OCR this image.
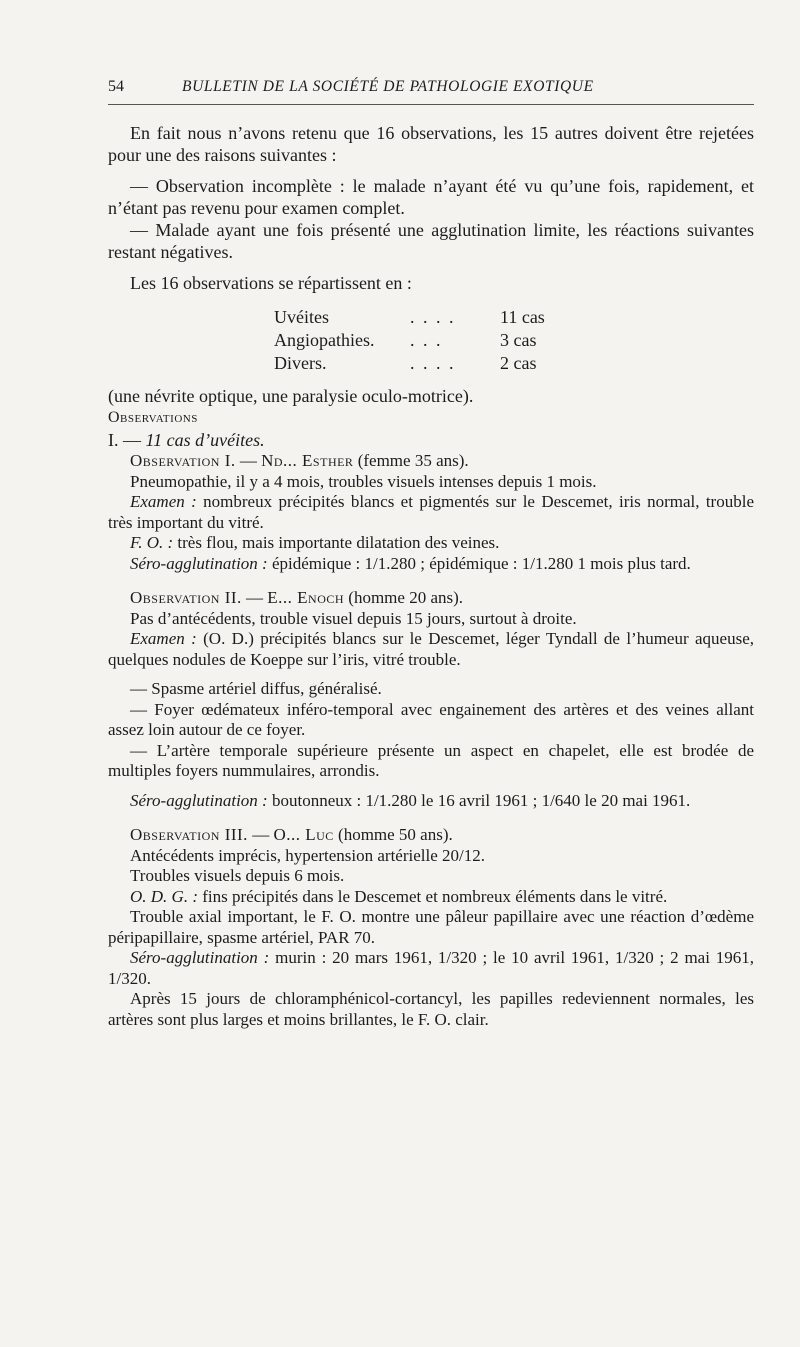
54	BULLETIN DE LA SOCIÉTÉ DE PATHOLOGIE EXOTIQUE

En fait nous n’avons retenu que 16 observations, les 15 autres doivent être rejetées pour une des raisons suivantes :

— Observation incomplète : le malade n’ayant été vu qu’une fois, rapidement, et n’étant pas revenu pour examen complet.

— Malade ayant une fois présenté une agglutination limite, les réactions suivantes restant négatives.

Les 16 observations se répartissent en :

Uvéites	. . . .	11 cas
Angiopathies.	. . .	3 cas
Divers.	. . . .	2 cas

(une névrite optique, une paralysie oculo-motrice).

Observations

I. — 11 cas d’uvéites.

Observation I. — Nd... Esther (femme 35 ans).

Pneumopathie, il y a 4 mois, troubles visuels intenses depuis 1 mois.

Examen : nombreux précipités blancs et pigmentés sur le Descemet, iris normal, trouble très important du vitré.

F. O. : très flou, mais importante dilatation des veines.

Séro-agglutination : épidémique : 1/1.280 ; épidémique : 1/1.280 1 mois plus tard.

Observation II. — E... Enoch (homme 20 ans).

Pas d’antécédents, trouble visuel depuis 15 jours, surtout à droite.

Examen : (O. D.) précipités blancs sur le Descemet, léger Tyndall de l’humeur aqueuse, quelques nodules de Koeppe sur l’iris, vitré trouble.

— Spasme artériel diffus, généralisé.

— Foyer œdémateux inféro-temporal avec engainement des artères et des veines allant assez loin autour de ce foyer.

— L’artère temporale supérieure présente un aspect en chapelet, elle est brodée de multiples foyers nummulaires, arrondis.

Séro-agglutination : boutonneux : 1/1.280 le 16 avril 1961 ; 1/640 le 20 mai 1961.

Observation III. — O... Luc (homme 50 ans).

Antécédents imprécis, hypertension artérielle 20/12.

Troubles visuels depuis 6 mois.

O. D. G. : fins précipités dans le Descemet et nombreux éléments dans le vitré.

Trouble axial important, le F. O. montre une pâleur papillaire avec une réaction d’œdème péripapillaire, spasme artériel, PAR 70.

Séro-agglutination : murin : 20 mars 1961, 1/320 ; le 10 avril 1961, 1/320 ; 2 mai 1961, 1/320.

Après 15 jours de chloramphénicol-cortancyl, les papilles redeviennent normales, les artères sont plus larges et moins brillantes, le F. O. clair.
